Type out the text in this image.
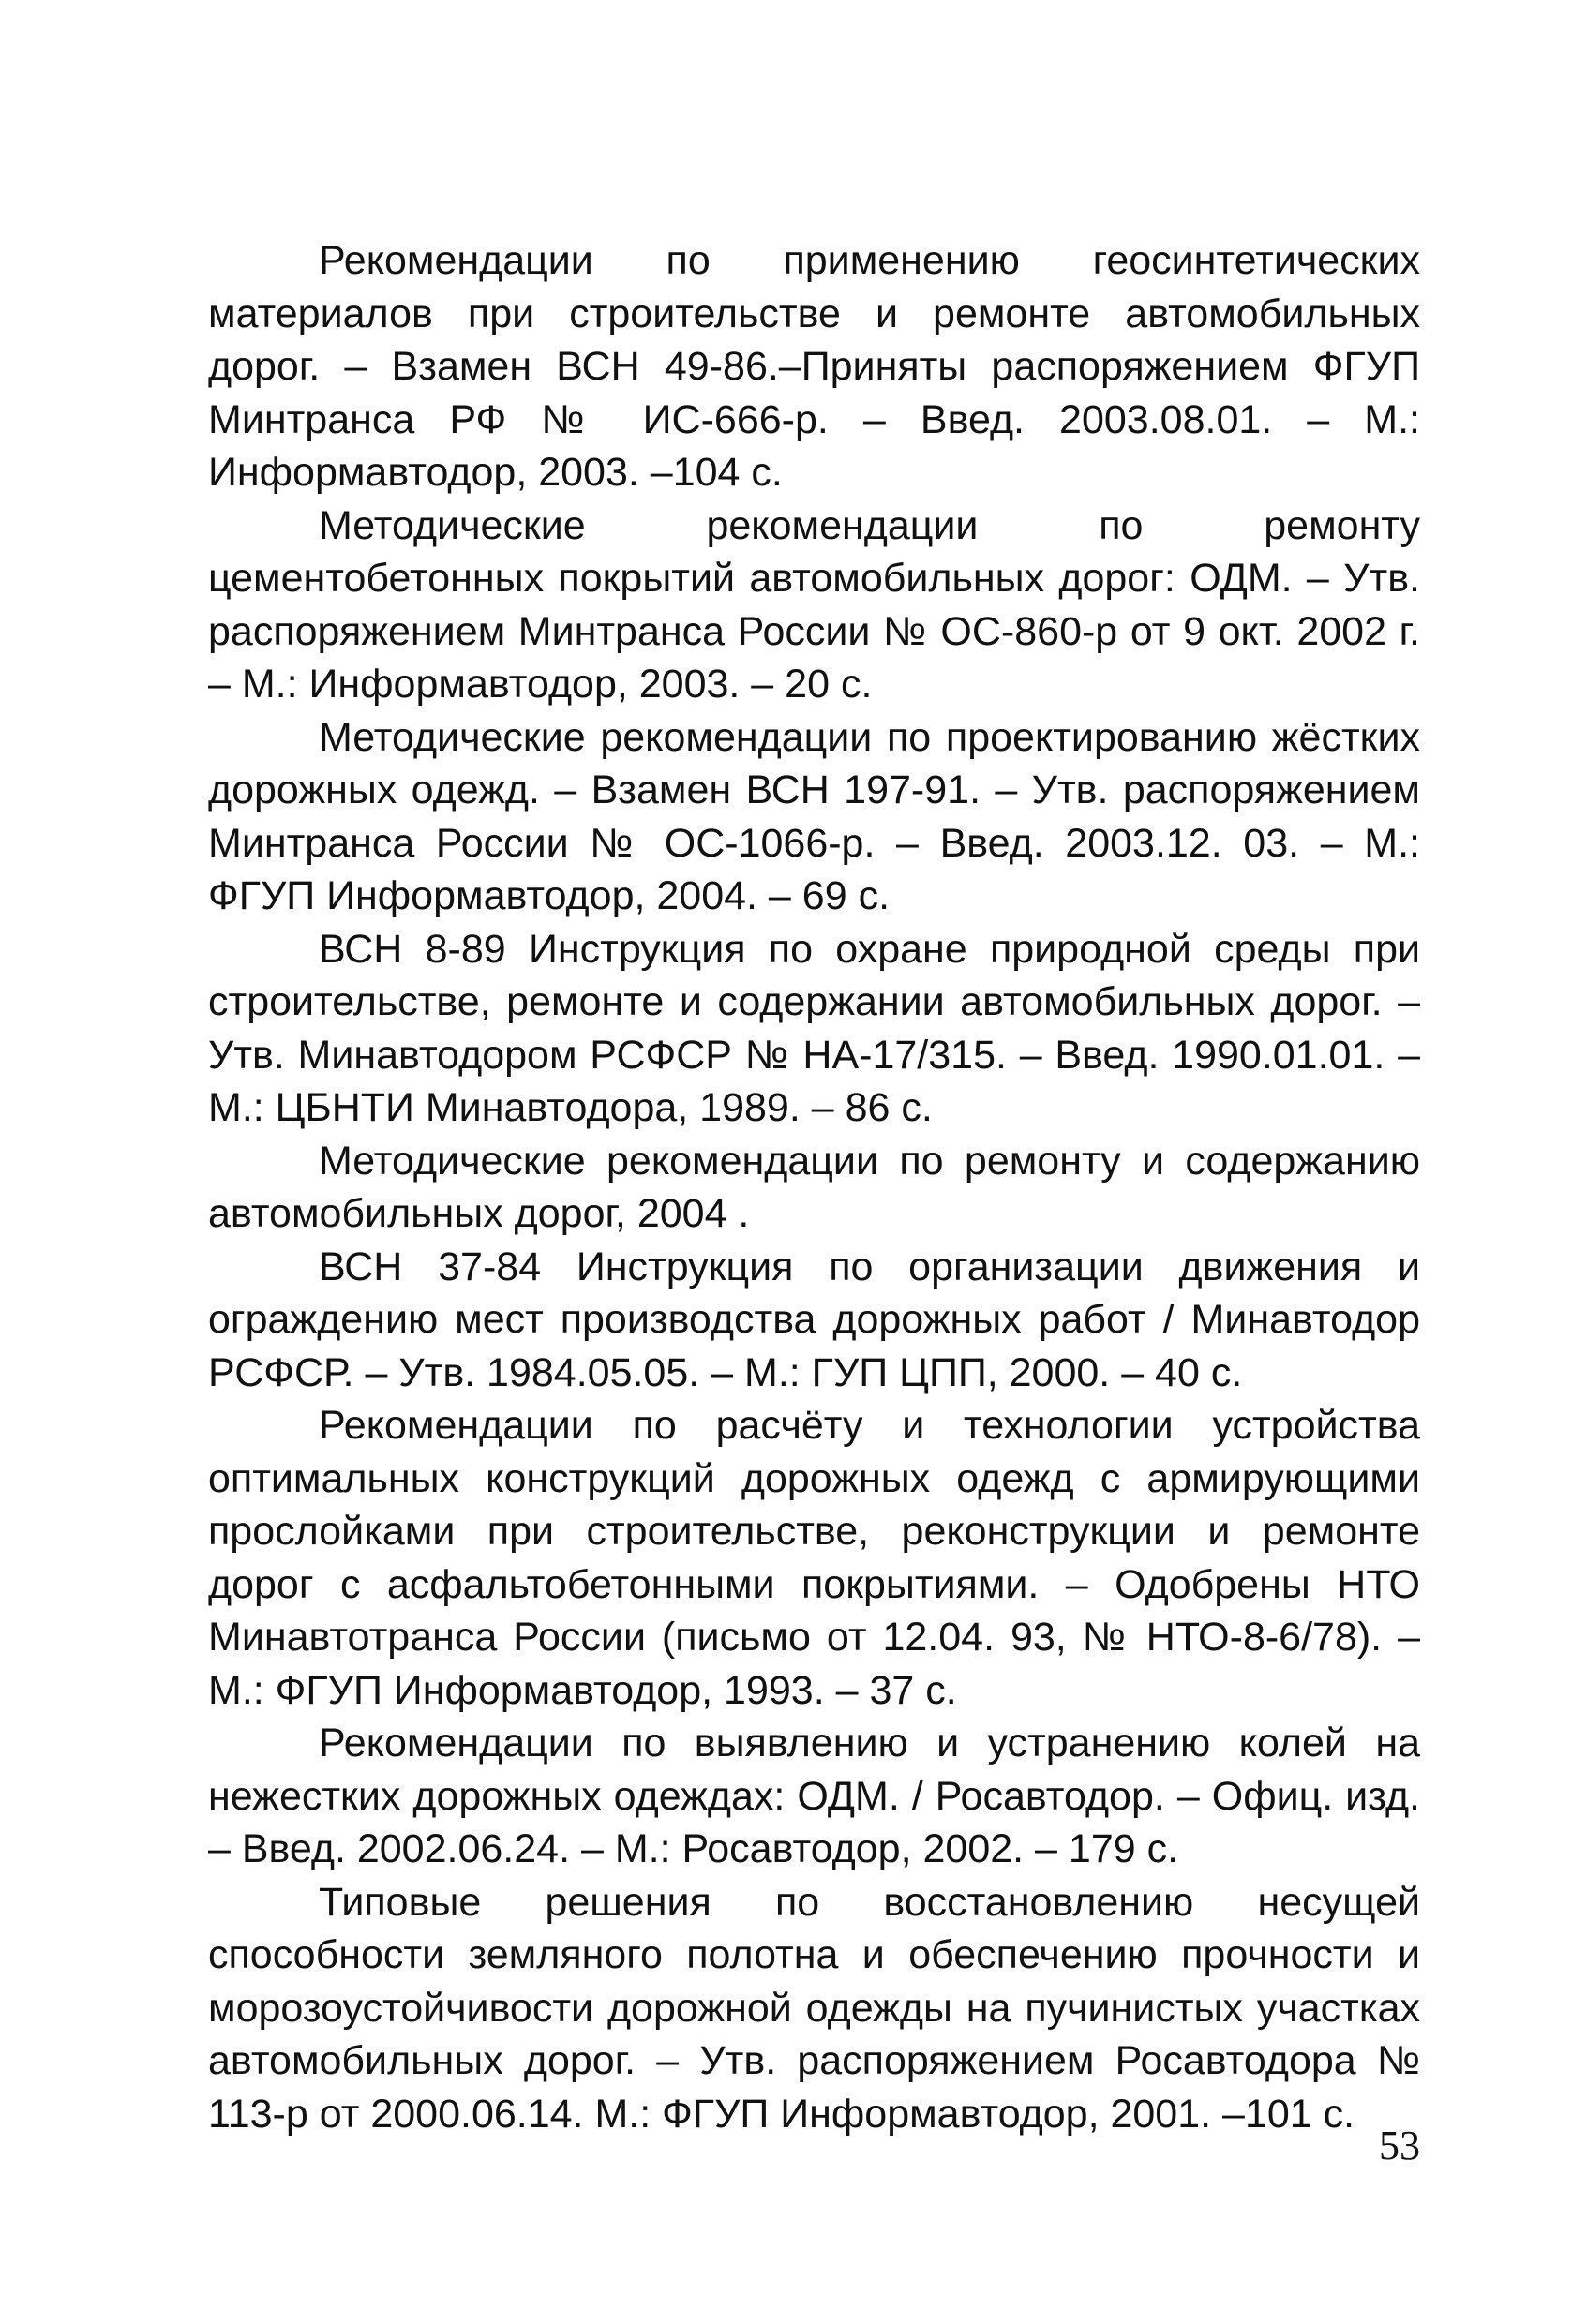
Рекомендации по применению геосинтетических материалов при строительстве и ремонте автомобильных дорог. – Взамен ВСН 49-86.–Приняты распоряжением ФГУП Минтранса РФ № ИС-666-р. – Введ. 2003.08.01. – М.: Информавтодор, 2003. –104 с.

Методические рекомендации по ремонту цементобетонных покрытий автомобильных дорог: ОДМ. – Утв. распоряжением Минтранса России № ОС-860-р от 9 окт. 2002 г. – М.: Информавтодор, 2003. – 20 с.

Методические рекомендации по проектированию жёстких дорожных одежд. – Взамен ВСН 197-91. – Утв. распоряжением Минтранса России № ОС-1066-р. – Введ. 2003.12. 03. – М.: ФГУП Информавтодор, 2004. – 69 с.

ВСН 8-89 Инструкция по охране природной среды при строительстве, ремонте и содержании автомобильных дорог. – Утв. Минавтодором РСФСР № НА-17/315. – Введ. 1990.01.01. – М.: ЦБНТИ Минавтодора, 1989. – 86 с.

Методические рекомендации по ремонту и содержанию автомобильных дорог, 2004 .

ВСН 37-84 Инструкция по организации движения и ограждению мест производства дорожных работ / Минавтодор РСФСР. – Утв. 1984.05.05. – М.: ГУП ЦПП, 2000. – 40 с.

Рекомендации по расчёту и технологии устройства оптимальных конструкций дорожных одежд с армирующими прослойками при строительстве, реконструкции и ремонте дорог с асфальтобетонными покрытиями. – Одобрены НТО Минавтотранса России (письмо от 12.04. 93, № НТО-8-6/78). – М.: ФГУП Информавтодор, 1993. – 37 с.

Рекомендации по выявлению и устранению колей на нежестких дорожных одеждах: ОДМ. / Росавтодор. – Офиц. изд. – Введ. 2002.06.24. – М.: Росавтодор, 2002. – 179 с.

Типовые решения по восстановлению несущей способности земляного полотна и обеспечению прочности и морозоустойчивости дорожной одежды на пучинистых участках автомобильных дорог. – Утв. распоряжением Росавтодора № 113-р от 2000.06.14. М.: ФГУП Информавтодор, 2001. –101 с.

53
